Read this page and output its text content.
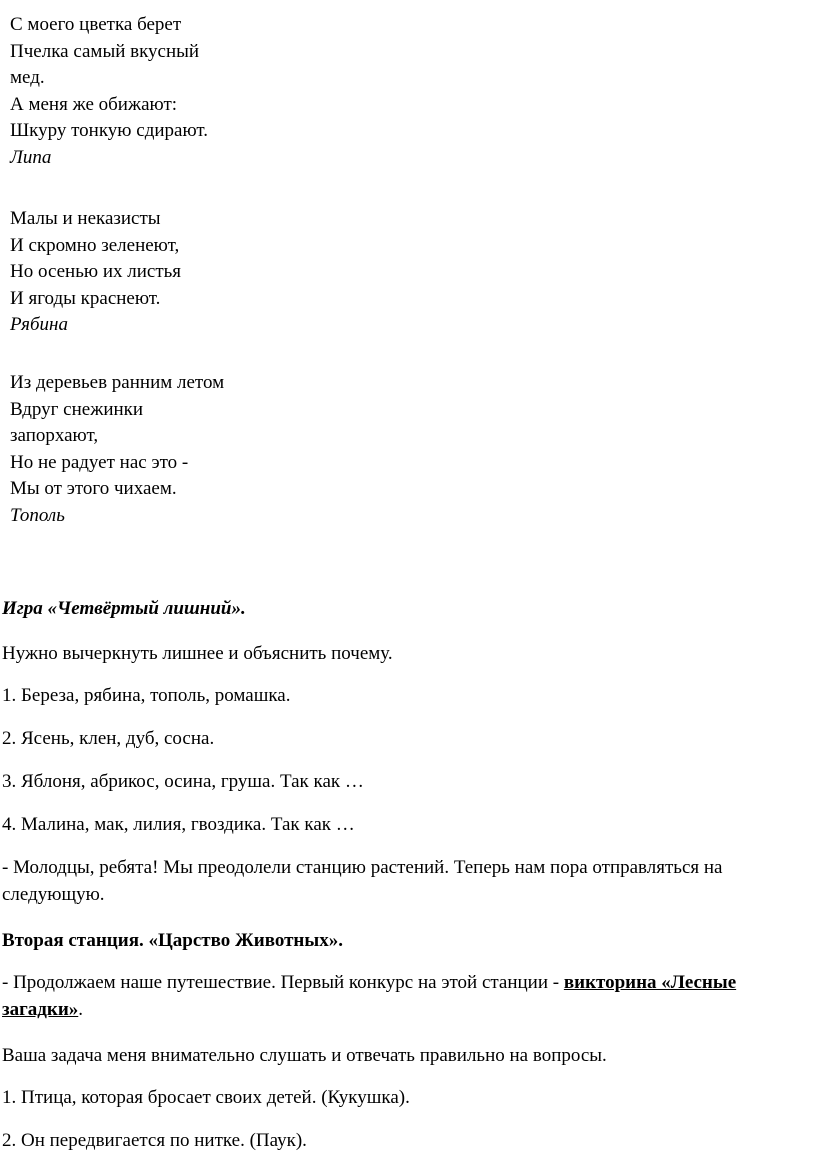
С моего цветка берет
Пчелка самый вкусный
мед.
А меня же обижают:
Шкуру тонкую сдирают.
Липа
Малы и неказисты
И скромно зеленеют,
Но осенью их листья
И ягоды краснеют.
Рябина
Из деревьев ранним летом
Вдруг снежинки
запорхают,
Но не радует нас это -
Мы от этого чихаем.
Тополь
Игра «Четвёртый лишний».
Нужно вычеркнуть лишнее и объяснить почему.
1. Береза, рябина, тополь, ромашка.
2. Ясень, клен, дуб, сосна.
3. Яблоня, абрикос, осина, груша. Так как …
4. Малина, мак, лилия, гвоздика. Так как …
- Молодцы, ребята! Мы преодолели станцию растений. Теперь нам пора отправляться на следующую.
Вторая станция. «Царство Животных».
- Продолжаем наше путешествие. Первый конкурс на этой станции - викторина «Лесные загадки».
Ваша задача меня внимательно слушать и отвечать правильно на вопросы.
1. Птица, которая бросает своих детей. (Кукушка).
2. Он передвигается по нитке. (Паук).
